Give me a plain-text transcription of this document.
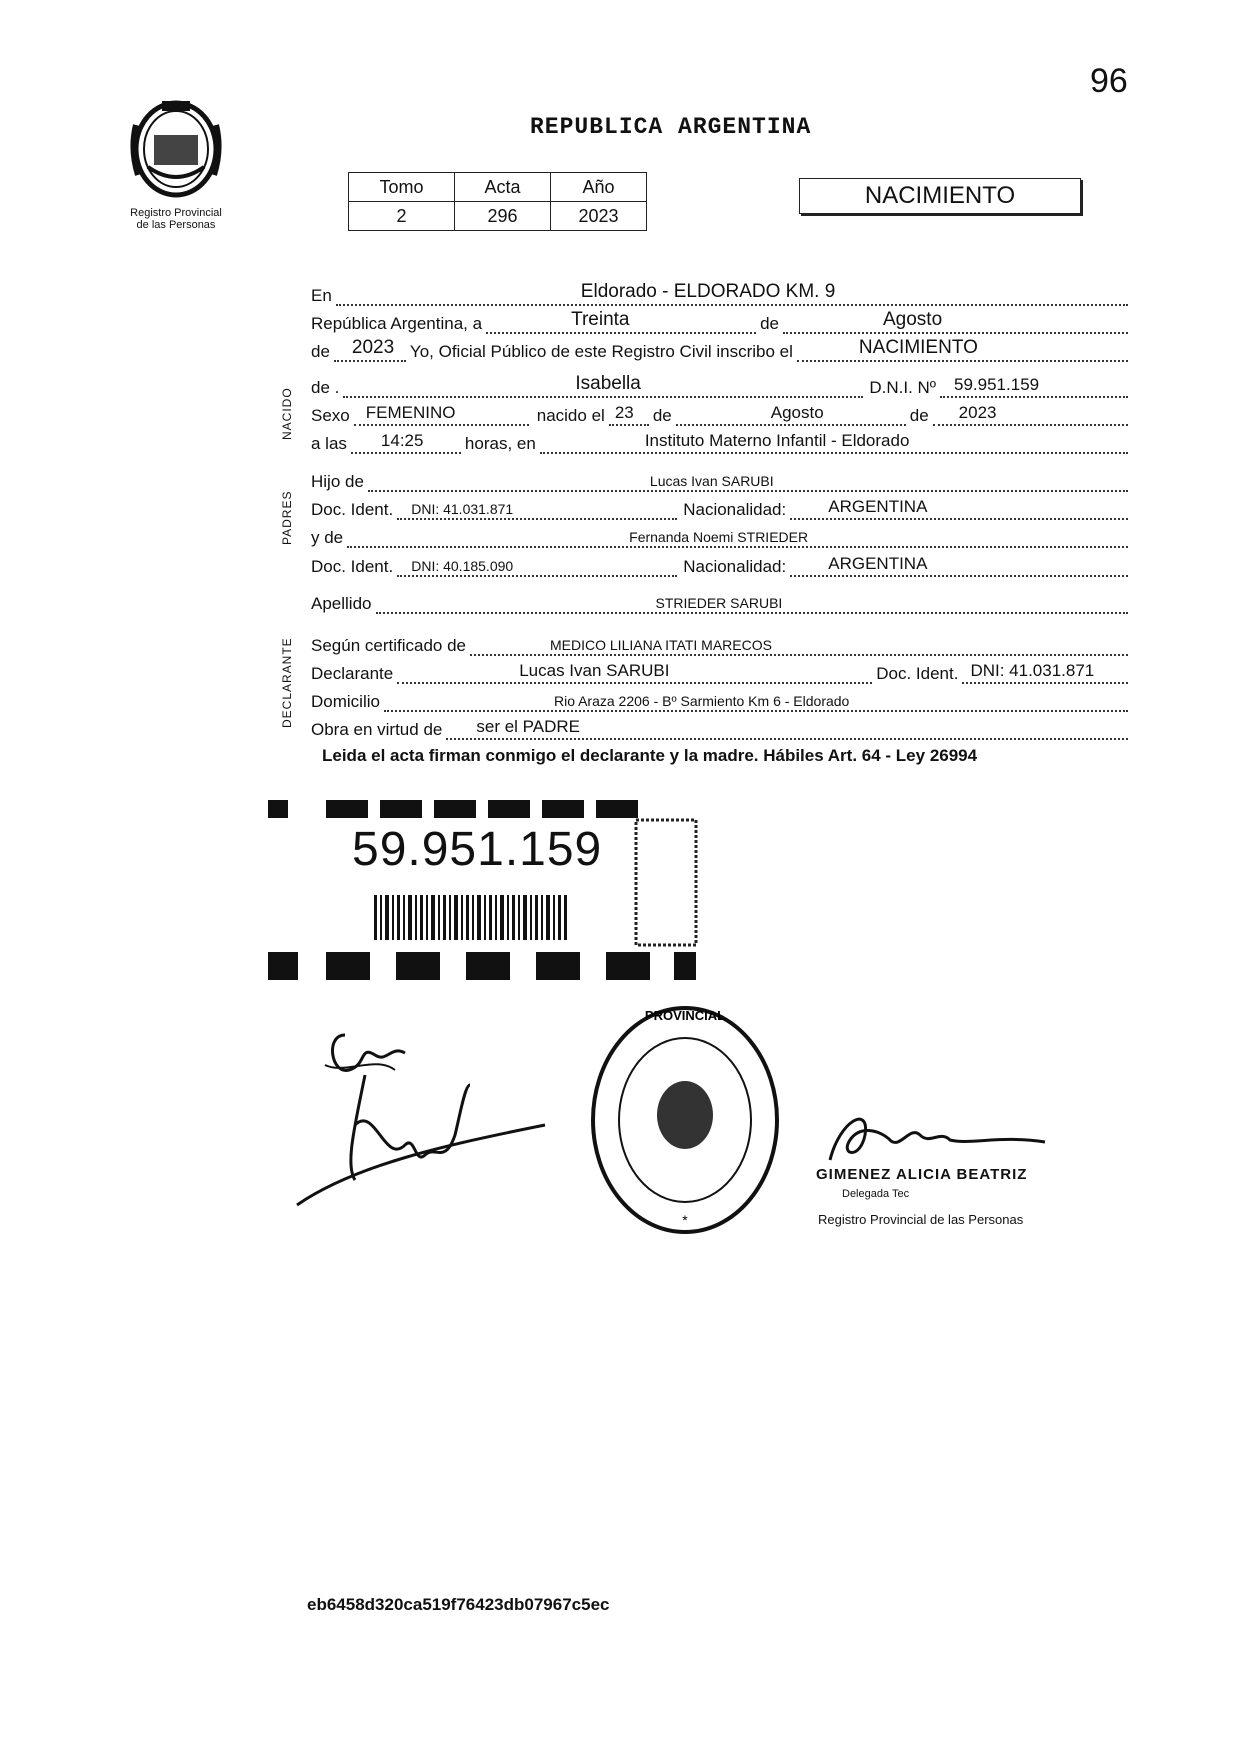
96
Registro Provincial
de las Personas
REPUBLICA ARGENTINA
Tomo	Acta	Año
2	296	2023
NACIMIENTO
En	Eldorado - ELDORADO KM. 9
República Argentina, a	Treinta	de	Agosto
de 2023 Yo, Oficial Público de este Registro Civil inscribo el	NACIMIENTO
de .	Isabella	D.N.I. Nº 59.951.159
Sexo FEMENINO	nacido el 23 de	Agosto	de 2023
a las 14:25 horas, en	Instituto Materno Infantil - Eldorado
Hijo de	Lucas Ivan SARUBI
Doc. Ident. DNI: 41.031.871	Nacionalidad: ARGENTINA
y de	Fernanda Noemi STRIEDER
Doc. Ident. DNI: 40.185.090	Nacionalidad: ARGENTINA
Apellido	STRIEDER SARUBI
Según certificado de	MEDICO LILIANA ITATI MARECOS
Declarante	Lucas Ivan SARUBI	Doc. Ident. DNI: 41.031.871
Domicilio	Rio Araza 2206 - Bº Sarmiento Km 6 - Eldorado
Obra en virtud de ser el PADRE
NACIDO
PADRES
DECLARANTE
Leida el acta firman conmigo el declarante y la madre. Hábiles Art. 64 - Ley 26994
59.951.159
PROVINCIAL
*
GIMENEZ ALICIA BEATRIZ
Delegada Tec
Registro Provincial de las Personas
eb6458d320ca519f76423db07967c5ec
